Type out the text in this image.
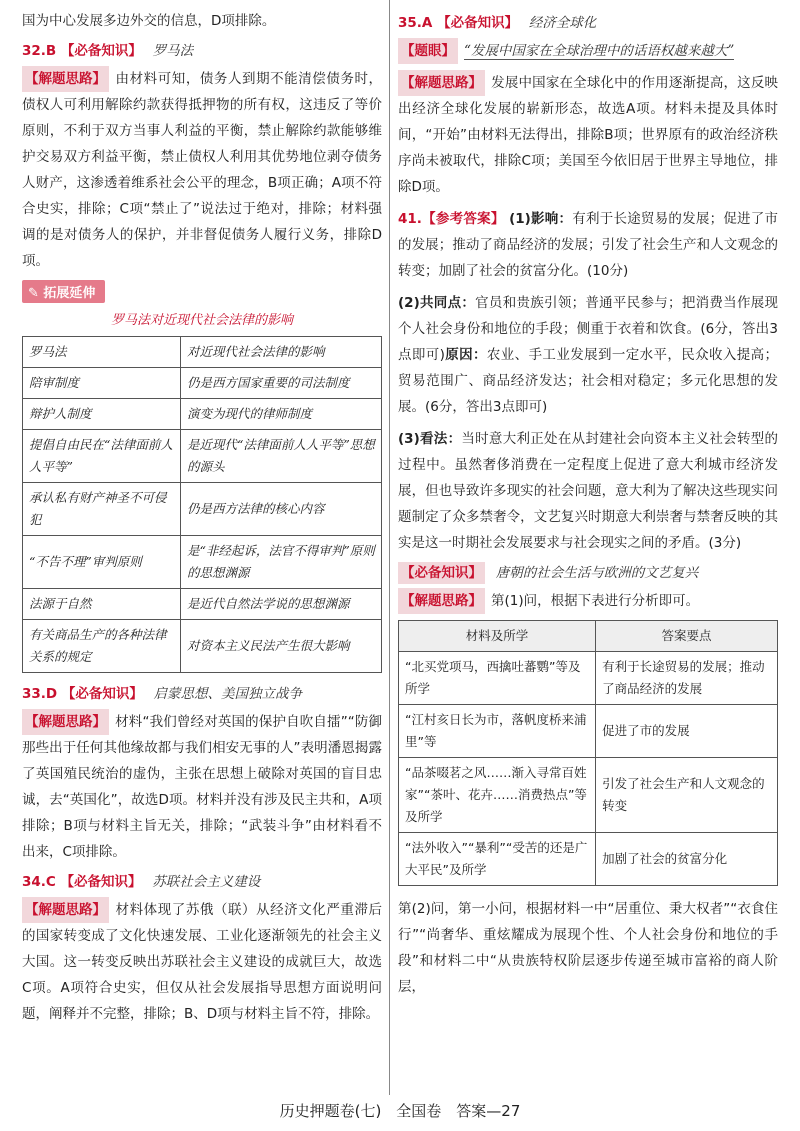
国为中心发展多边外交的信息，D项排除。

32.B 【必备知识】 罗马法

【解题思路】 由材料可知，债务人到期不能清偿债务时，债权人可利用解除约款获得抵押物的所有权，这违反了等价原则，不利于双方当事人利益的平衡，禁止解除约款能够维护交易双方利益平衡，禁止债权人利用其优势地位剥夺债务人财产，这渗透着维系社会公平的理念，B项正确；A项不符合史实，排除；C项“禁止了”说法过于绝对，排除；材料强调的是对债务人的保护，并非督促债务人履行义务，排除D项。

✎ 拓展延伸
罗马法对近现代社会法律的影响
罗马法	对近现代社会法律的影响
陪审制度	仍是西方国家重要的司法制度
辩护人制度	演变为现代的律师制度
提倡自由民在“法律面前人人平等”	是近现代“法律面前人人平等”思想的源头
承认私有财产神圣不可侵犯	仍是西方法律的核心内容
“不告不理”审判原则	是“非经起诉，法官不得审判”原则的思想渊源
法源于自然	是近代自然法学说的思想渊源
有关商品生产的各种法律关系的规定	对资本主义民法产生很大影响
33.D 【必备知识】 启蒙思想、美国独立战争

【解题思路】 材料“我们曾经对英国的保护自吹自擂”“防御那些出于任何其他缘故都与我们相安无事的人”表明潘恩揭露了英国殖民统治的虚伪，主张在思想上破除对英国的盲目忠诚，去“英国化”，故选D项。材料并没有涉及民主共和，A项排除；B项与材料主旨无关，排除；“武装斗争”由材料看不出来，C项排除。

34.C 【必备知识】 苏联社会主义建设

【解题思路】 材料体现了苏俄（联）从经济文化严重滞后的国家转变成了文化快速发展、工业化逐渐领先的社会主义大国。这一转变反映出苏联社会主义建设的成就巨大，故选C项。A项符合史实，但仅从社会发展指导思想方面说明问题，阐释并不完整，排除；B、D项与材料主旨不符，排除。

35.A 【必备知识】 经济全球化

【题眼】 “发展中国家在全球治理中的话语权越来越大”

【解题思路】 发展中国家在全球化中的作用逐渐提高，这反映出经济全球化发展的崭新形态，故选A项。材料未提及具体时间，“开始”由材料无法得出，排除B项；世界原有的政治经济秩序尚未被取代，排除C项；美国至今依旧居于世界主导地位，排除D项。

41.【参考答案】 (1)影响：有利于长途贸易的发展；促进了市的发展；推动了商品经济的发展；引发了社会生产和人文观念的转变；加剧了社会的贫富分化。(10分)

(2)共同点：官员和贵族引领；普通平民参与；把消费当作展现个人社会身份和地位的手段；侧重于衣着和饮食。(6分，答出3点即可)原因：农业、手工业发展到一定水平，民众收入提高；贸易范围广、商品经济发达；社会相对稳定；多元化思想的发展。(6分，答出3点即可)

(3)看法：当时意大利正处在从封建社会向资本主义社会转型的过程中。虽然奢侈消费在一定程度上促进了意大利城市经济发展，但也导致许多现实的社会问题，意大利为了解决这些现实问题制定了众多禁奢令，文艺复兴时期意大利崇奢与禁奢反映的其实是这一时期社会发展要求与社会现实之间的矛盾。(3分)

【必备知识】 唐朝的社会生活与欧洲的文艺复兴

【解题思路】 第(1)问，根据下表进行分析即可。

材料及所学	答案要点
“北买党项马，西擒吐蕃鹦”等及所学	有利于长途贸易的发展；推动了商品经济的发展
“江村亥日长为市，落帆度桥来浦里”等	促进了市的发展
“品茶啜茗之风……渐入寻常百姓家”“茶叶、花卉……消费热点”等及所学	引发了社会生产和人文观念的转变
“法外收入”“暴利”“受苦的还是广大平民”及所学	加剧了社会的贫富分化

第(2)问，第一小问，根据材料一中“居重位、秉大权者”“衣食住行”“尚奢华、重炫耀成为展现个性、个人社会身份和地位的手段”和材料二中“从贵族特权阶层逐步传递至城市富裕的商人阶层，

历史押题卷(七)　全国卷　答案—27
